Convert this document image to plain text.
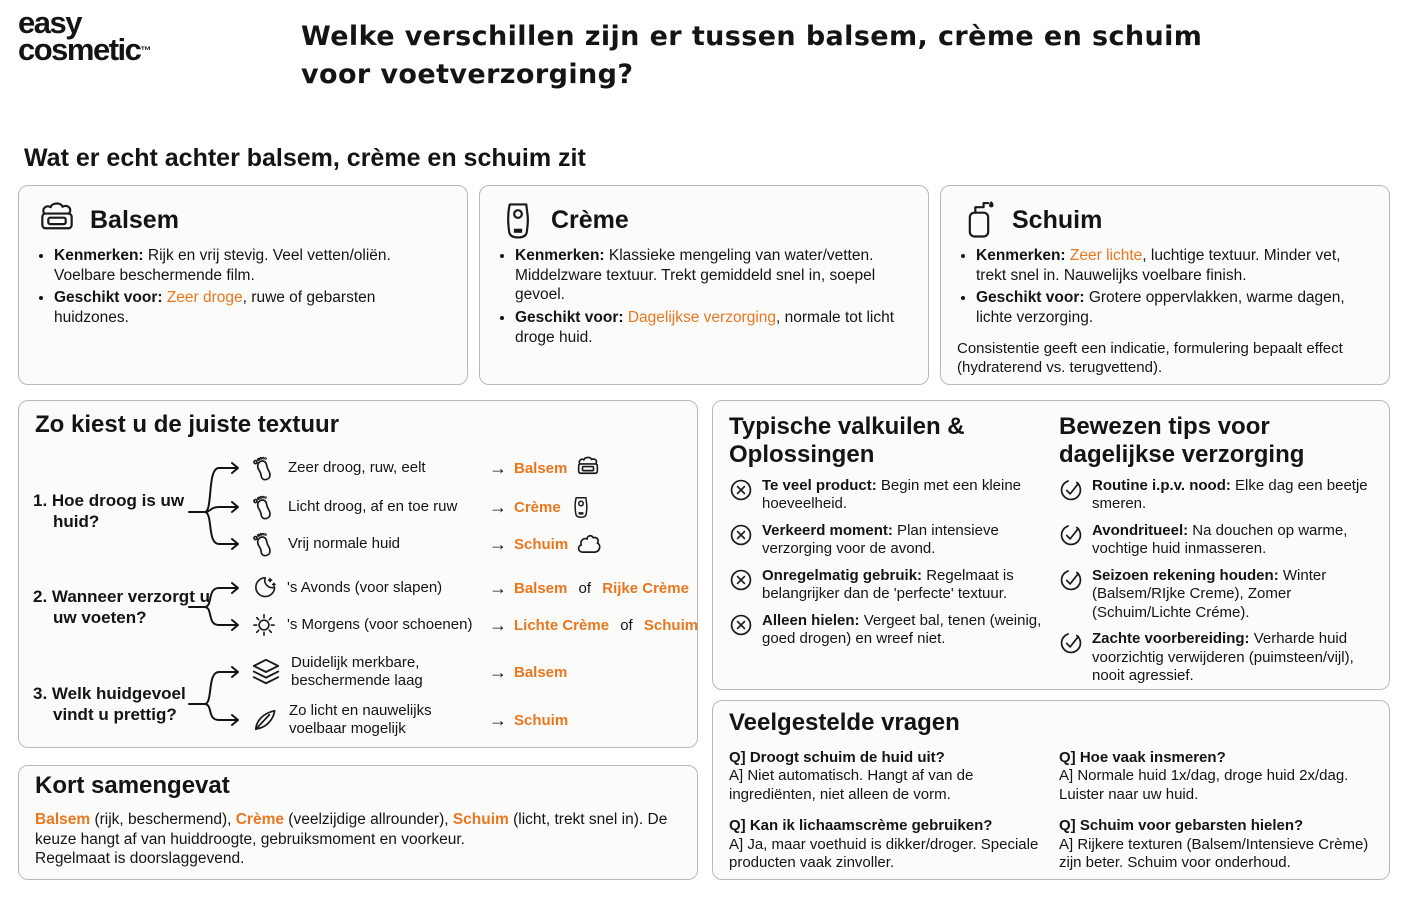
easy
cosmetic™	Welke verschillen zijn er tussen balsem, crème en schuim
voor voetverzorging?
Wat er echt achter balsem, crème en schuim zit
Balsem
• Kenmerken: Rijk en vrij stevig. Veel vetten/oliën. Voelbare beschermende film.
• Geschikt voor: Zeer droge, ruwe of gebarsten huidzones.
Crème
• Kenmerken: Klassieke mengeling van water/vetten. Middelzware textuur. Trekt gemiddeld snel in, soepel gevoel.
• Geschikt voor: Dagelijkse verzorging, normale tot licht droge huid.
Schuim
• Kenmerken: Zeer lichte, luchtige textuur. Minder vet, trekt snel in. Nauwelijks voelbare finish.
• Geschikt voor: Grotere oppervlakken, warme dagen, lichte verzorging.
Consistentie geeft een indicatie, formulering bepaalt effect (hydraterend vs. terugvettend).
Zo kiest u de juiste textuur
1. Hoe droog is uw huid?
Zeer droog, ruw, eelt
Licht droog, af en toe ruw
Vrij normale huid
→ Balsem
→ Crème
→ Schuim
2. Wanneer verzorgt u uw voeten?
's Avonds (voor slapen)
's Morgens (voor schoenen)
→ Balsem of Rijke Crème
→ Lichte Crème of Schuim
3. Welk huidgevoel vindt u prettig?
Duidelijk merkbare, beschermende laag
Zo licht en nauwelijks voelbaar mogelijk
→ Balsem
→ Schuim
Typische valkuilen &
Oplossingen
Te veel product: Begin met een kleine hoeveelheid.
Verkeerd moment: Plan intensieve verzorging voor de avond.
Onregelmatig gebruik: Regelmaat is belangrijker dan de 'perfecte' textuur.
Alleen hielen: Vergeet bal, tenen (weinig, goed drogen) en wreef niet.
Bewezen tips voor
dagelijkse verzorging
Routine i.p.v. nood: Elke dag een beetje smeren.
Avondritueel: Na douchen op warme, vochtige huid inmasseren.
Seizoen rekening houden: Winter (Balsem/RIjke Creme), Zomer (Schuim/Lichte Créme).
Zachte voorbereiding: Verharde huid voorzichtig verwijderen (puimsteen/vijl), nooit agressief.
Kort samengevat
Balsem (rijk, beschermend), Crème (veelzijdige allrounder), Schuim (licht, trekt snel in). De keuze hangt af van huiddroogte, gebruiksmoment en voorkeur.
Regelmaat is doorslaggevend.
Veelgestelde vragen
Q] Droogt schuim de huid uit?
A] Niet automatisch. Hangt af van de ingrediënten, niet alleen de vorm.
Q] Kan ik lichaamscrème gebruiken?
A] Ja, maar voethuid is dikker/droger. Speciale producten vaak zinvoller.
Q] Hoe vaak insmeren?
A] Normale huid 1x/dag, droge huid 2x/dag. Luister naar uw huid.
Q] Schuim voor gebarsten hielen?
A] Rijkere texturen (Balsem/Intensieve Crème) zijn beter. Schuim voor onderhoud.
